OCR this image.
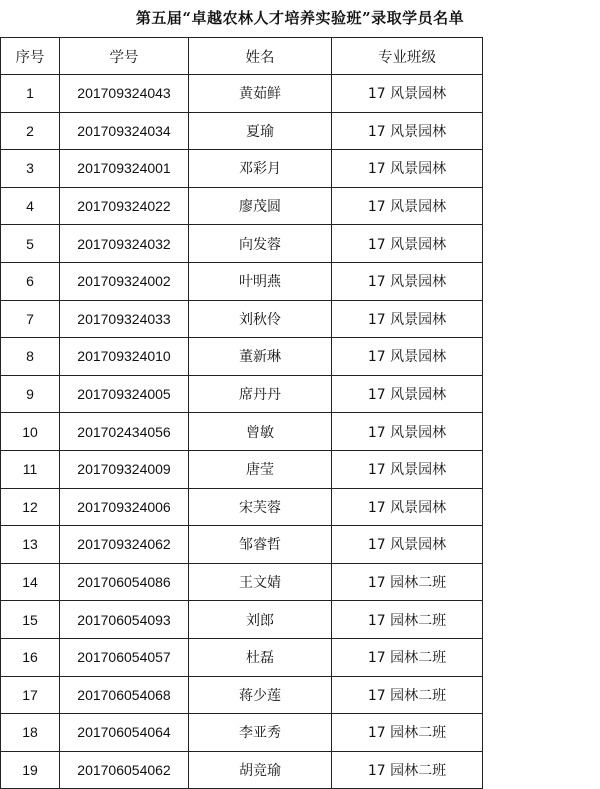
第五届“卓越农林人才培养实验班”录取学员名单
序号	学号	姓名	专业班级
1	201709324043	黄茹鲜	17 风景园林
2	201709324034	夏瑜	17 风景园林
3	201709324001	邓彩月	17 风景园林
4	201709324022	廖茂圆	17 风景园林
5	201709324032	向发蓉	17 风景园林
6	201709324002	叶明燕	17 风景园林
7	201709324033	刘秋伶	17 风景园林
8	201709324010	董新琳	17 风景园林
9	201709324005	席丹丹	17 风景园林
10	201702434056	曾敏	17 风景园林
11	201709324009	唐莹	17 风景园林
12	201709324006	宋芙蓉	17 风景园林
13	201709324062	邹睿哲	17 风景园林
14	201706054086	王文婧	17 园林二班
15	201706054093	刘郎	17 园林二班
16	201706054057	杜磊	17 园林二班
17	201706054068	蒋少莲	17 园林二班
18	201706054064	李亚秀	17 园林二班
19	201706054062	胡竞瑜	17 园林二班
